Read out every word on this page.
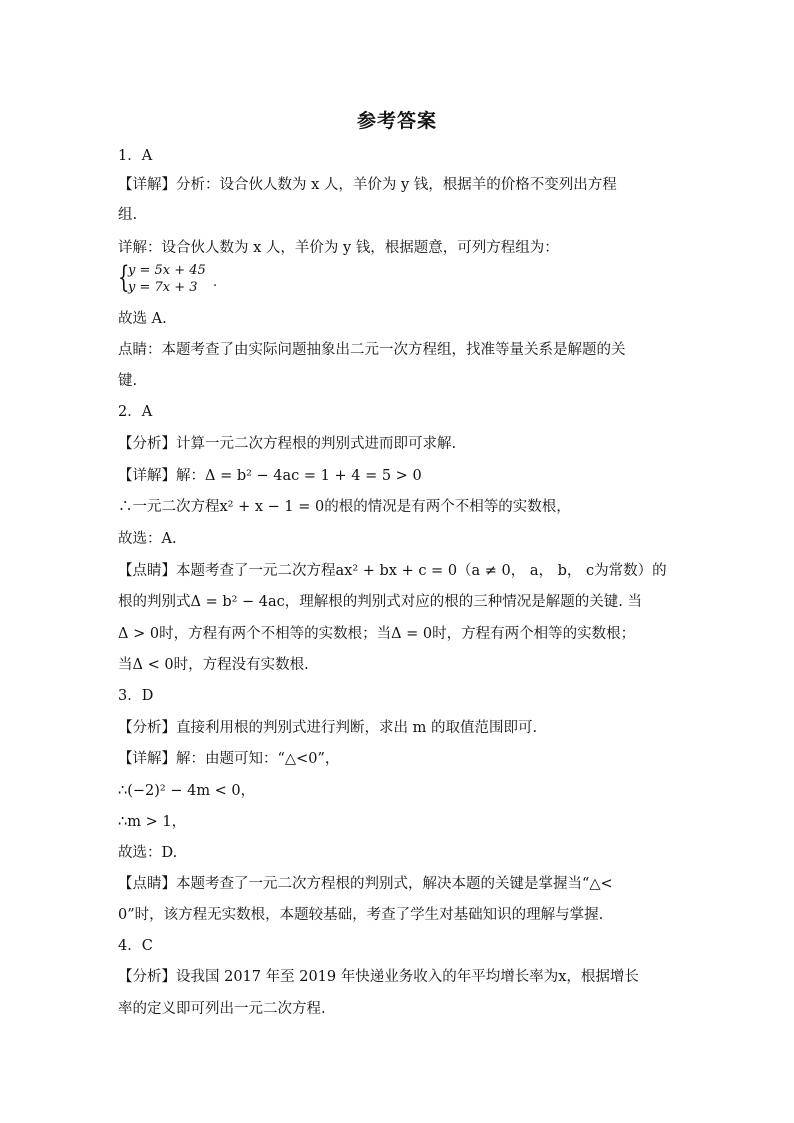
参考答案
1．A
【详解】分析：设合伙人数为 x 人，羊价为 y 钱，根据羊的价格不变列出方程
组.
详解：设合伙人数为 x 人，羊价为 y 钱，根据题意，可列方程组为：
{
y = 5x + 45
y = 7x + 3 .
故选 A.
点睛：本题考查了由实际问题抽象出二元一次方程组，找准等量关系是解题的关
键.
2．A
【分析】计算一元二次方程根的判别式进而即可求解.
【详解】解：Δ = b² − 4ac = 1 + 4 = 5 > 0
∴一元二次方程x² + x − 1 = 0的根的情况是有两个不相等的实数根，
故选：A.
【点睛】本题考查了一元二次方程ax² + bx + c = 0（a ≠ 0， a， b， c为常数）的
根的判别式Δ = b² − 4ac，理解根的判别式对应的根的三种情况是解题的关键. 当
Δ > 0时，方程有两个不相等的实数根；当Δ = 0时，方程有两个相等的实数根；
当Δ < 0时，方程没有实数根.
3．D
【分析】直接利用根的判别式进行判断，求出 m 的取值范围即可.
【详解】解：由题可知：“△<0”，
∴(−2)² − 4m < 0，
∴m > 1，
故选：D.
【点睛】本题考查了一元二次方程根的判别式，解决本题的关键是掌握当“△<
0”时，该方程无实数根，本题较基础，考查了学生对基础知识的理解与掌握.
4．C
【分析】设我国 2017 年至 2019 年快递业务收入的年平均增长率为x，根据增长
率的定义即可列出一元二次方程.
